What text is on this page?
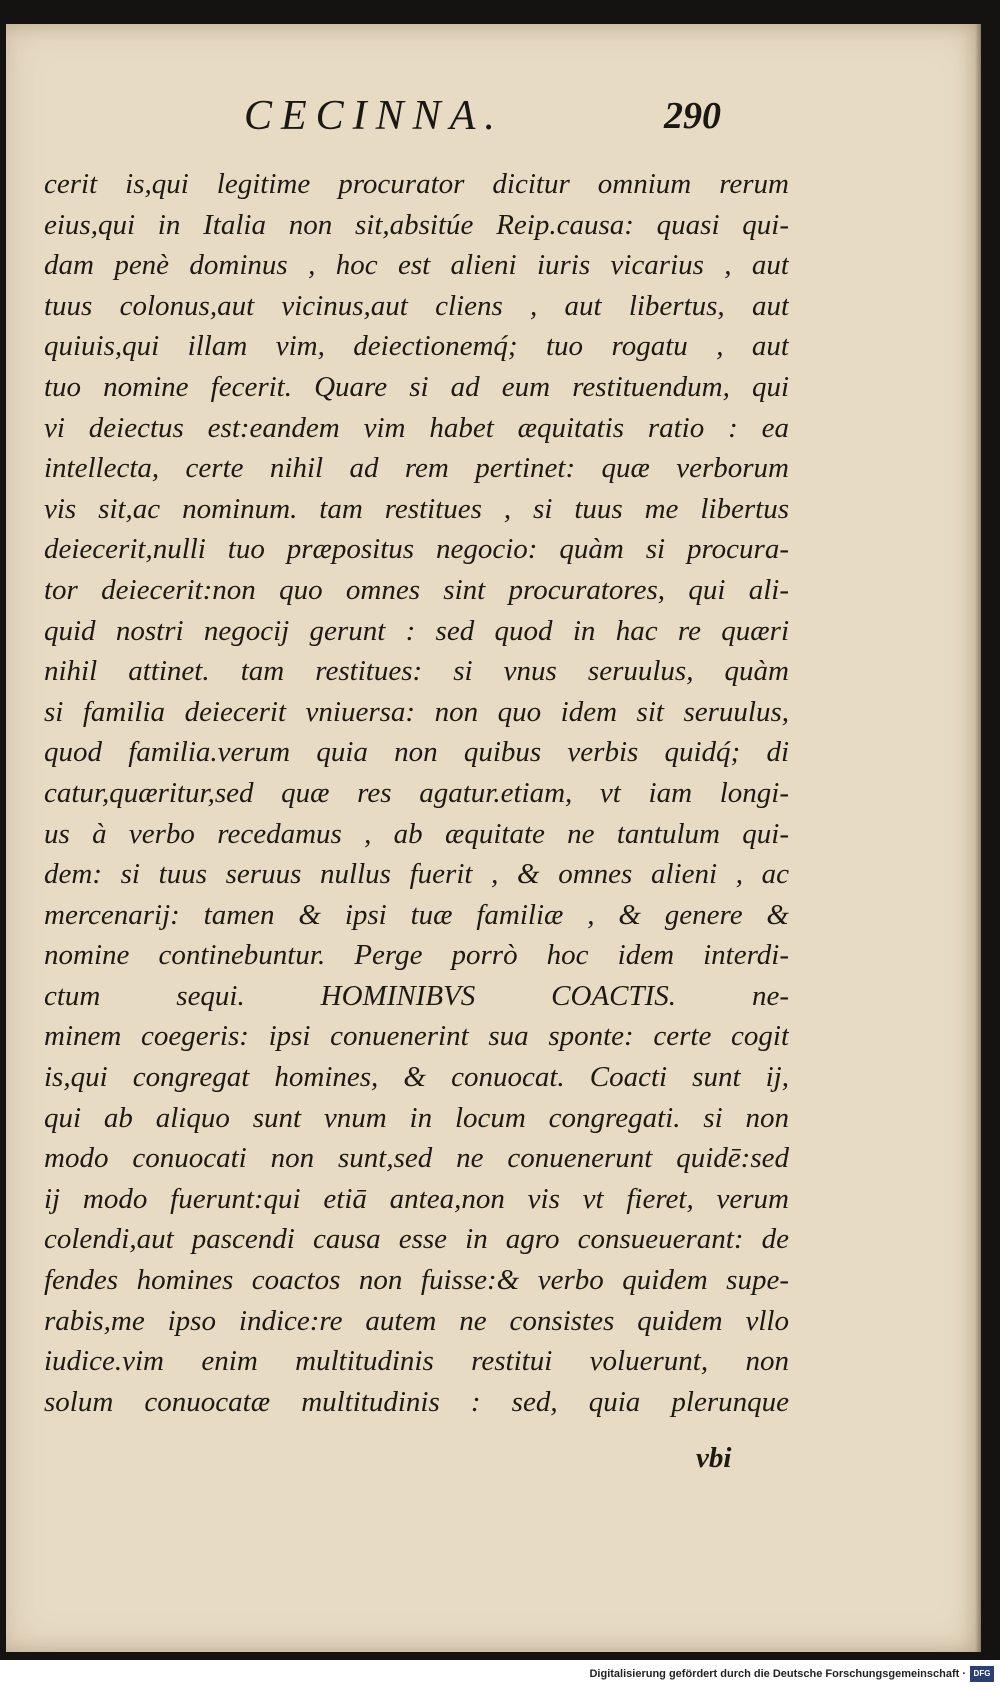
CECINNA.	290
cerit is,qui legitime procurator dicitur omnium rerum
eius,qui in Italia non sit,absitúe Reip.causa: quasi qui-
dam penè dominus , hoc est alieni iuris vicarius , aut
tuus colonus,aut vicinus,aut cliens , aut libertus, aut
quiuis,qui illam vim, deiectionemq́; tuo rogatu , aut
tuo nomine fecerit. Quare si ad eum restituendum, qui
vi deiectus est:eandem vim habet æquitatis ratio : ea
intellecta, certe nihil ad rem pertinet: quæ verborum
vis sit,ac nominum. tam restitues , si tuus me libertus
deiecerit,nulli tuo præpositus negocio: quàm si procura-
tor deiecerit:non quo omnes sint procuratores, qui ali-
quid nostri negocij gerunt : sed quod in hac re quæri
nihil attinet. tam restitues: si vnus seruulus, quàm
si familia deiecerit vniuersa: non quo idem sit seruulus,
quod familia.verum quia non quibus verbis quidq́; di
catur,quæritur,sed quæ res agatur.etiam, vt iam longi-
us à verbo recedamus , ab æquitate ne tantulum qui-
dem: si tuus seruus nullus fuerit , & omnes alieni , ac
mercenarij: tamen & ipsi tuæ familiæ , & genere &
nomine continebuntur. Perge porrò hoc idem interdi-
ctum sequi. HOMINIBVS COACTIS. ne-
minem coegeris: ipsi conuenerint sua sponte: certe cogit
is,qui congregat homines, & conuocat. Coacti sunt ij,
qui ab aliquo sunt vnum in locum congregati. si non
modo conuocati non sunt,sed ne conuenerunt quidē:sed
ij modo fuerunt:qui etiā antea,non vis vt fieret, verum
colendi,aut pascendi causa esse in agro consueuerant: de
fendes homines coactos non fuisse:& verbo quidem supe-
rabis,me ipso indice:re autem ne consistes quidem vllo
iudice.vim enim multitudinis restitui voluerunt, non
solum conuocatæ multitudinis : sed, quia plerunque
vbi
Digitalisierung gefördert durch die Deutsche Forschungsgemeinschaft · DFG
